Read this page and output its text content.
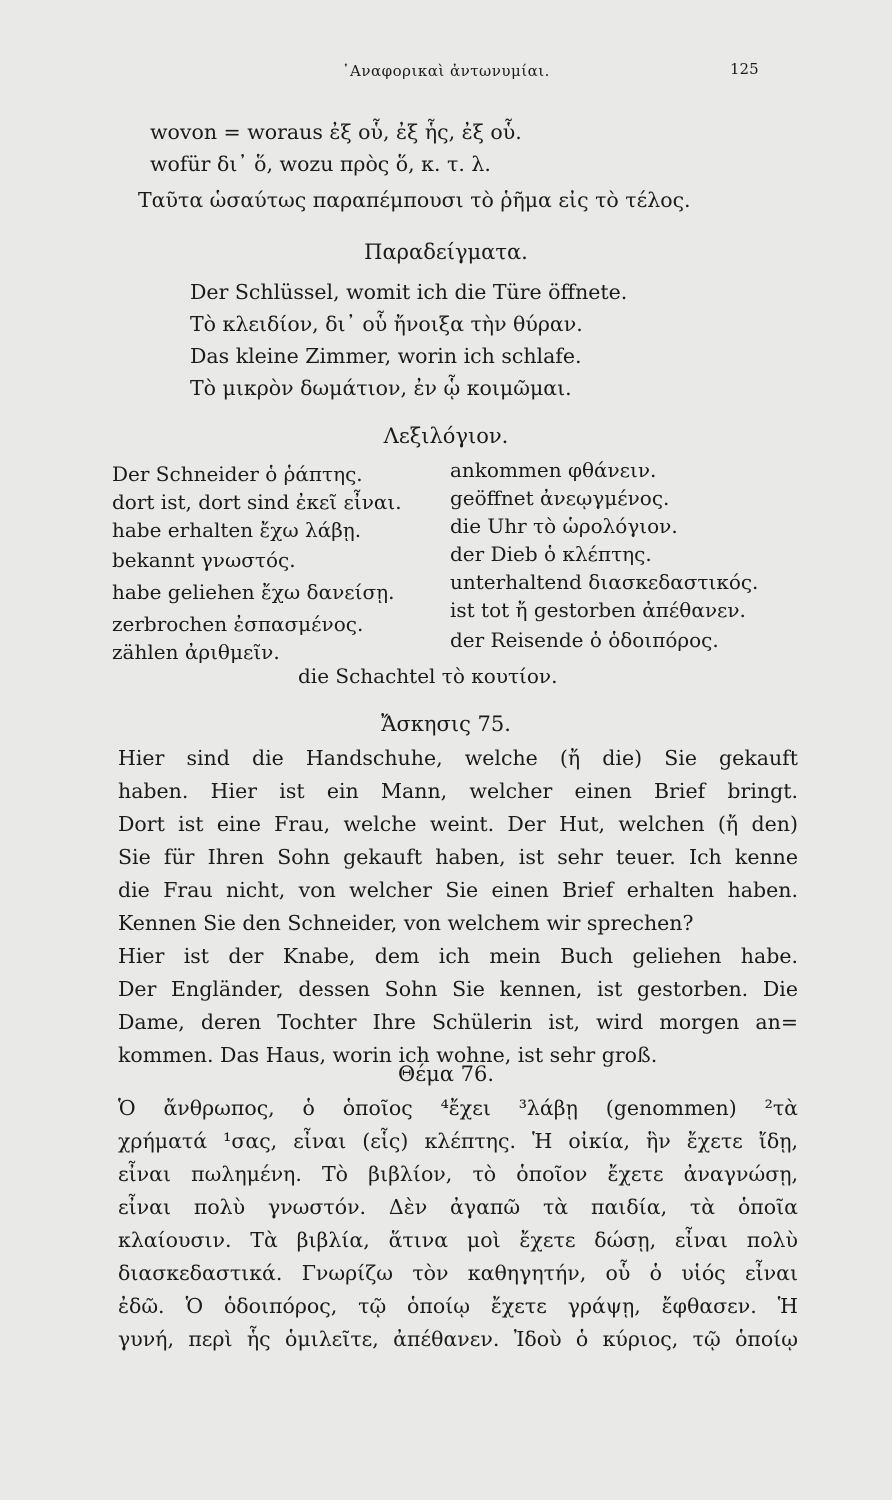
᾿Αναφορικαὶ ἀντωνυμίαι.	125
wovon = woraus ἐξ οὗ, ἐξ ἧς, ἐξ οὗ.
wofür δι᾿ ὅ, wozu πρὸς ὅ, κ. τ. λ.
Ταῦτα ὡσαύτως παραπέμπουσι τὸ ῥῆμα εἰς τὸ τέλος.
Παραδείγματα.
Der Schlüssel, womit ich die Türe öffnete.
Τὸ κλειδίον, δι᾿ οὗ ἤνοιξα τὴν θύραν.
Das kleine Zimmer, worin ich schlafe.
Τὸ μικρὸν δωμάτιον, ἐν ᾧ κοιμῶμαι.
Λεξιλόγιον.
Der Schneider ὁ ῥάπτης.
dort ist, dort sind ἐκεῖ εἶναι.
habe erhalten ἔχω λάβῃ.
bekannt γνωστός.
habe geliehen ἔχω δανείσῃ.
zerbrochen ἐσπασμένος.
zählen ἀριθμεῖν.
ankommen φθάνειν.
geöffnet ἀνεῳγμένος.
die Uhr τὸ ὡρολόγιον.
der Dieb ὁ κλέπτης.
unterhaltend διασκεδαστικός.
ist tot ἤ gestorben ἀπέθανεν.
der Reisende ὁ ὁδοιπόρος.
die Schachtel τὸ κουτίον.
Ἄσκησις 75.
Hier sind die Handschuhe, welche (ἤ die) Sie gekauft
haben. Hier ist ein Mann, welcher einen Brief bringt.
Dort ist eine Frau, welche weint. Der Hut, welchen (ἤ den)
Sie für Ihren Sohn gekauft haben, ist sehr teuer. Ich kenne
die Frau nicht, von welcher Sie einen Brief erhalten haben.
Kennen Sie den Schneider, von welchem wir sprechen?
Hier ist der Knabe, dem ich mein Buch geliehen habe.
Der Engländer, dessen Sohn Sie kennen, ist gestorben. Die
Dame, deren Tochter Ihre Schülerin ist, wird morgen an=
kommen. Das Haus, worin ich wohne, ist sehr groß.
Θέμα 76.
Ὁ ἄνθρωπος, ὁ ὁποῖος ⁴ἔχει ³λάβῃ (genommen) ²τὰ
χρήματά ¹σας, εἶναι (εἷς) κλέπτης. Ἡ οἰκία, ἣν ἔχετε ἴδῃ,
εἶναι πωλημένη. Τὸ βιβλίον, τὸ ὁποῖον ἔχετε ἀναγνώσῃ,
εἶναι πολὺ γνωστόν. Δὲν ἀγαπῶ τὰ παιδία, τὰ ὁποῖα
κλαίουσιν. Τὰ βιβλία, ἅτινα μοὶ ἔχετε δώσῃ, εἶναι πολὺ
διασκεδαστικά. Γνωρίζω τὸν καθηγητήν, οὗ ὁ υἱός εἶναι
ἐδῶ. Ὁ ὁδοιπόρος, τῷ ὁποίῳ ἔχετε γράψῃ, ἔφθασεν. Ἡ
γυνή, περὶ ἧς ὁμιλεῖτε, ἀπέθανεν. Ἰδοὺ ὁ κύριος, τῷ ὁποίῳ
